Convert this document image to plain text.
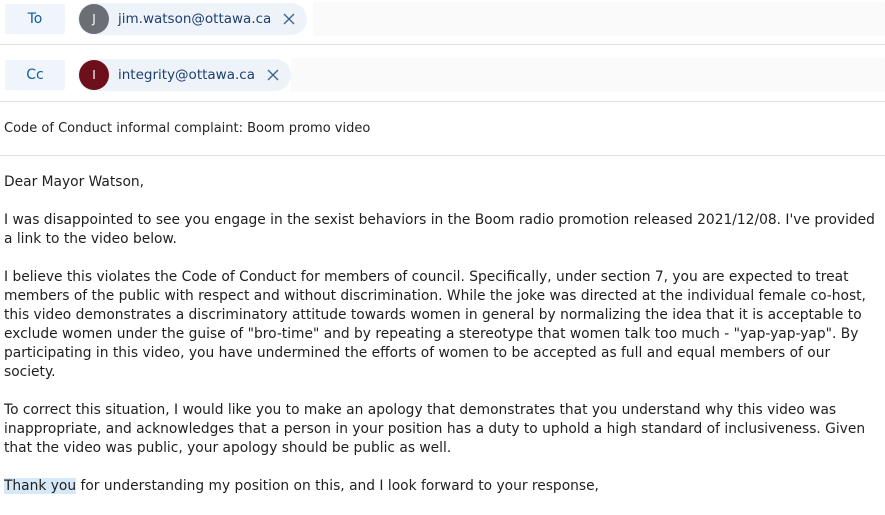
To	J	jim.watson@ottawa.ca
Cc	I	integrity@ottawa.ca
Code of Conduct informal complaint: Boom promo video

Dear Mayor Watson,

I was disappointed to see you engage in the sexist behaviors in the Boom radio promotion released 2021/12/08. I've provided a link to the video below.

I believe this violates the Code of Conduct for members of council. Specifically, under section 7, you are expected to treat members of the public with respect and without discrimination. While the joke was directed at the individual female co-host, this video demonstrates a discriminatory attitude towards women in general by normalizing the idea that it is acceptable to exclude women under the guise of "bro-time" and by repeating a stereotype that women talk too much - "yap-yap-yap". By participating in this video, you have undermined the efforts of women to be accepted as full and equal members of our society.

To correct this situation, I would like you to make an apology that demonstrates that you understand why this video was inappropriate, and acknowledges that a person in your position has a duty to uphold a high standard of inclusiveness. Given that the video was public, your apology should be public as well.

Thank you for understanding my position on this, and I look forward to your response,
